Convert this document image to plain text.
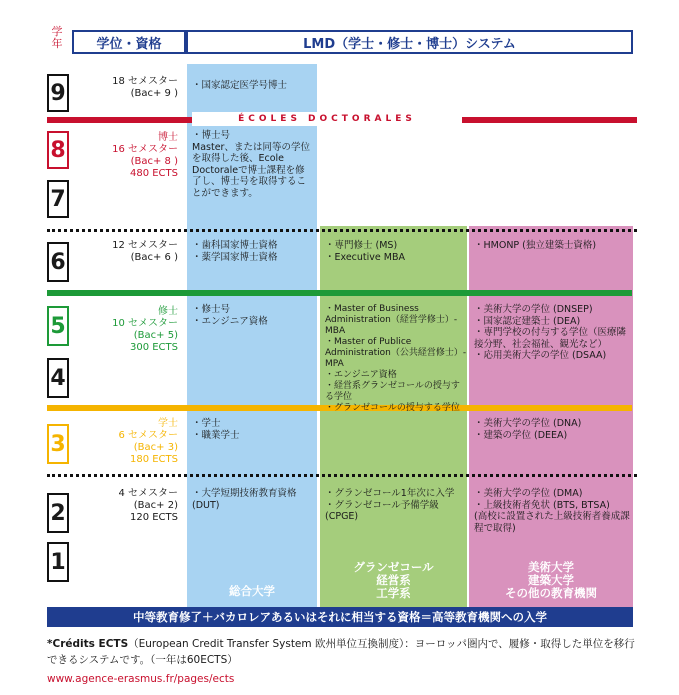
学年	学位・資格	LMD（学士・修士・博士）システム
ÉCOLES DOCTORALES
9
8
7
6
5
4
3
2
1
18 セメスター
(Bac+ 9 )
博士
16 セメスター
(Bac+ 8 )
480 ECTS
12 セメスター
(Bac+ 6 )
修士
10 セメスター
(Bac+ 5)
300 ECTS
学士
6 セメスター
(Bac+ 3)
180 ECTS
4 セメスター
(Bac+ 2)
120 ECTS
・国家認定医学号博士
・博士号
Master、または同等の学位を取得した後、Ecole Doctoraleで博士課程を修了し、博士号を取得することができます。
・歯科国家博士資格
・薬学国家博士資格
・専門修士 (MS)
・Executive MBA
・HMONP (独立建築士資格)
・修士号
・エンジニア資格
・Master of Business Administration（経営学修士）- MBA
・Master of Publice Administration（公共経営修士）- MPA
・エンジニア資格
・経営系グランゼコールの授与する学位
・グランゼコールの授与する学位
・美術大学の学位 (DNSEP)
・国家認定建築士 (DEA)
・専門学校の付与する学位（医療隣接分野、社会福祉、観光など）
・応用美術大学の学位 (DSAA)
・学士
・職業学士
・美術大学の学位 (DNA)
・建築の学位 (DEEA)
・大学短期技術教育資格
(DUT)
・グランゼコール1年次に入学
・グランゼコール予備学級
(CPGE)
・美術大学の学位 (DMA)
・上級技術者免状 (BTS, BTSA)
(高校に設置された上級技術者養成課程で取得)
総合大学
グランゼコール
経営系
工学系
美術大学
建築大学
その他の教育機関
中等教育修了＋バカロレアあるいはそれに相当する資格＝高等教育機関への入学
*Crédits ECTS（European Credit Transfer System 欧州単位互換制度）：ヨーロッパ圏内で、履修・取得した単位を移行できるシステムです。（一年は60ECTS）
www.agence-erasmus.fr/pages/ects
